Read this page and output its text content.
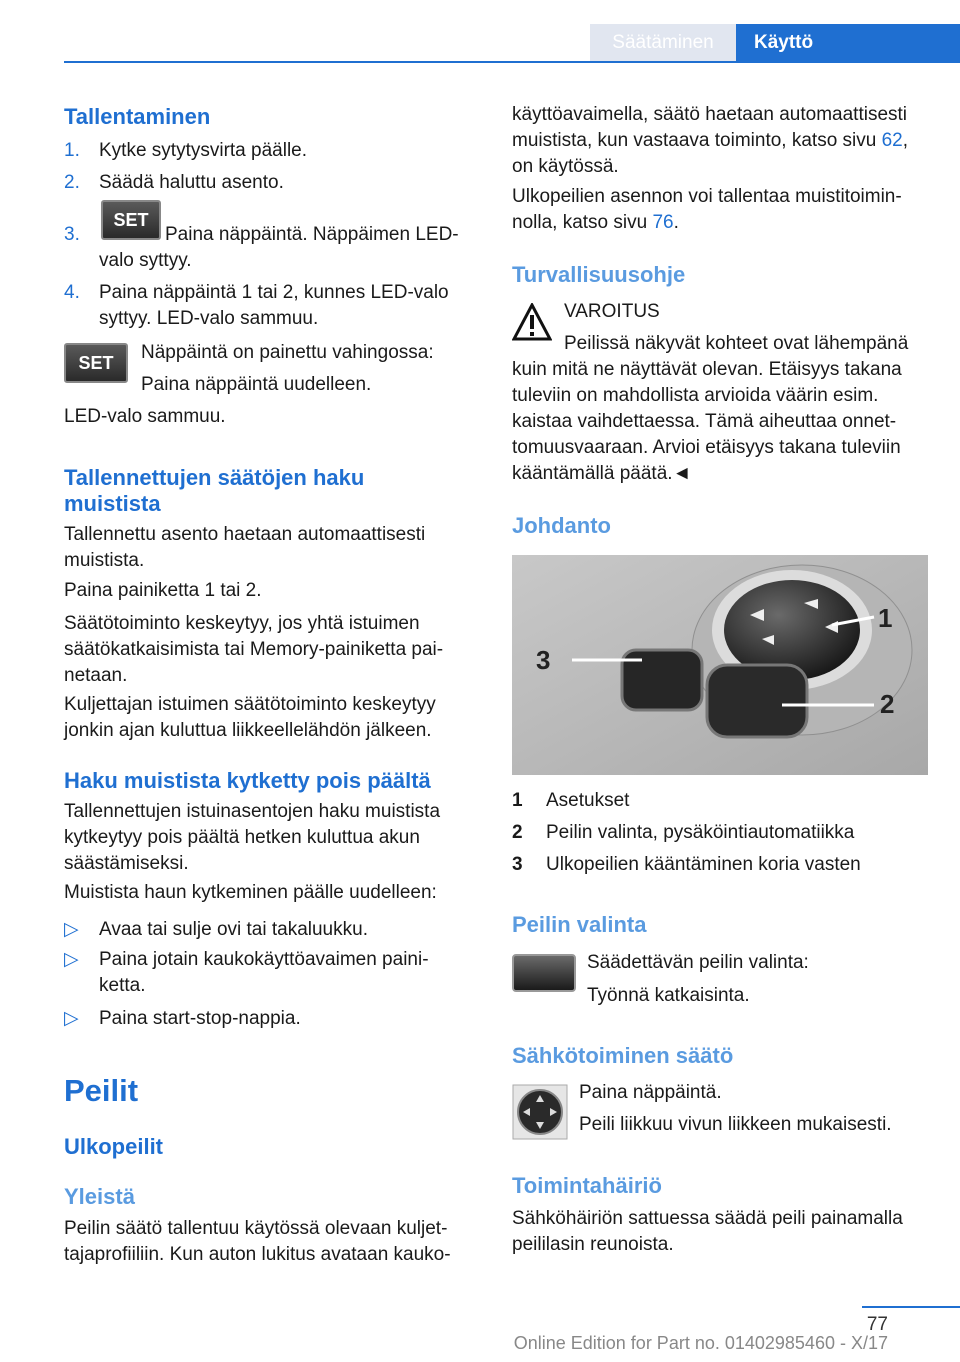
Säätäminen	Käyttö
Tallentaminen
1. Kytke sytytysvirta päälle.
2. Säädä haluttu asento.
3.
SET
Paina näppäintä. Näppäimen LED-valo syttyy.
4. Paina näppäintä 1 tai 2, kunnes LED-valo syttyy. LED-valo sammuu.
SET	Näppäintä on painettu vahingossa:
Paina näppäintä uudelleen.
LED-valo sammuu.
Tallennettujen säätöjen haku muistista
Tallennettu asento haetaan automaattisesti muistista.
Paina painiketta 1 tai 2.
Säätötoiminto keskeytyy, jos yhtä istuimen säätökatkaisimista tai Memory-painiketta painetaan.
Kuljettajan istuimen säätötoiminto keskeytyy jonkin ajan kuluttua liikkeellelähdön jälkeen.
Haku muistista kytketty pois päältä
Tallennettujen istuinasentojen haku muistista kytkeytyy pois päältä hetken kuluttua akun säästämiseksi.
Muistista haun kytkeminen päälle uudelleen:
▷ Avaa tai sulje ovi tai takaluukku.
▷ Paina jotain kaukokäyttöavaimen painiketta.
▷ Paina start-stop-nappia.
Peilit
Ulkopeilit
Yleistä
Peilin säätö tallentuu käytössä olevaan kuljettajaprofiiliin. Kun auton lukitus avataan kauko-
käyttöavaimella, säätö haetaan automaattisesti muistista, kun vastaava toiminto, katso sivu 62, on käytössä.
Ulkopeilien asennon voi tallentaa muistitoiminnolla, katso sivu 76.
Turvallisuusohje
VAROITUS
Peilissä näkyvät kohteet ovat lähempänä kuin mitä ne näyttävät olevan. Etäisyys takana tuleviin on mahdollista arvioida väärin esim. kaistaa vaihdettaessa. Tämä aiheuttaa onnettomuusvaaraan. Arvioi etäisyys takana tuleviin kääntämällä päätä.◄
Johdanto
3
1
2
1 Asetukset
2 Peilin valinta, pysäköintiautomatiikka
3 Ulkopeilien kääntäminen koria vasten
Peilin valinta
Säädettävän peilin valinta:
Työnnä katkaisinta.
Sähkötoiminen säätö
Paina näppäintä.
Peili liikkuu vivun liikkeen mukaisesti.
Toimintahäiriö
Sähköhäiriön sattuessa säädä peili painamalla peililasin reunoista.
77
Online Edition for Part no. 01402985460 - X/17
